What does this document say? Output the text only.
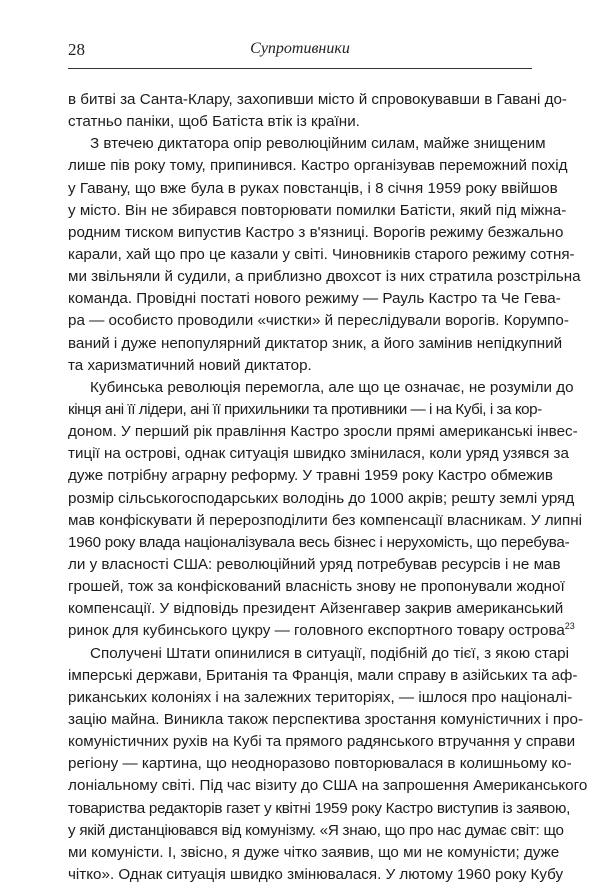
28	Супротивники
в битві за Санта-Клару, захопивши місто й спровокувавши в Гавані до-
статньо паніки, щоб Батіста втік із країни.
З втечею диктатора опір революційним силам, майже знищеним
лише пів року тому, припинився. Кастро організував переможний похід
у Гавану, що вже була в руках повстанців, і 8 січня 1959 року ввійшов
у місто. Він не збирався повторювати помилки Батісти, який під міжна-
родним тиском випустив Кастро з в'язниці. Ворогів режиму безжально
карали, хай що про це казали у світі. Чиновників старого режиму сотня-
ми звільняли й судили, а приблизно двохсот із них стратила розстрільна
команда. Провідні постаті нового режиму — Рауль Кастро та Че Гева-
ра — особисто проводили «чистки» й переслідували ворогів. Корумпо-
ваний і дуже непопулярний диктатор зник, а його замінив непідкупний
та харизматичний новий диктатор.
Кубинська революція перемогла, але що це означає, не розуміли до
кінця ані її лідери, ані її прихильники та противники — і на Кубі, і за кор-
доном. У перший рік правління Кастро зросли прямі американські інвес-
тиції на острові, однак ситуація швидко змінилася, коли уряд узявся за
дуже потрібну аграрну реформу. У травні 1959 року Кастро обмежив
розмір сільськогосподарських володінь до 1000 акрів; решту землі уряд
мав конфіскувати й перерозподілити без компенсації власникам. У липні
1960 року влада націоналізувала весь бізнес і нерухомість, що перебува-
ли у власності США: революційний уряд потребував ресурсів і не мав
грошей, тож за конфіскований власність знову не пропонували жодної
компенсації. У відповідь президент Айзенгавер закрив американський
ринок для кубинського цукру — головного експортного товару острова$^{23}$
Сполучені Штати опинилися в ситуації, подібній до тієї, з якою старі
імперські держави, Британія та Франція, мали справу в азійських та аф-
риканських колоніях і на залежних територіях, — ішлося про націоналі-
зацію майна. Виникла також перспектива зростання комуністичних і про-
комуністичних рухів на Кубі та прямого радянського втручання у справи
регіону — картина, що неодноразово повторювалася в колишньому ко-
лоніальному світі. Під час візиту до США на запрошення Американського
товариства редакторів газет у квітні 1959 року Кастро виступив із заявою,
у якій дистанціювався від комунізму. «Я знаю, що про нас думає світ: що
ми комуністи. І, звісно, я дуже чітко заявив, що ми не комуністи; дуже
чітко». Однак ситуація швидко змінювалася. У лютому 1960 року Кубу
